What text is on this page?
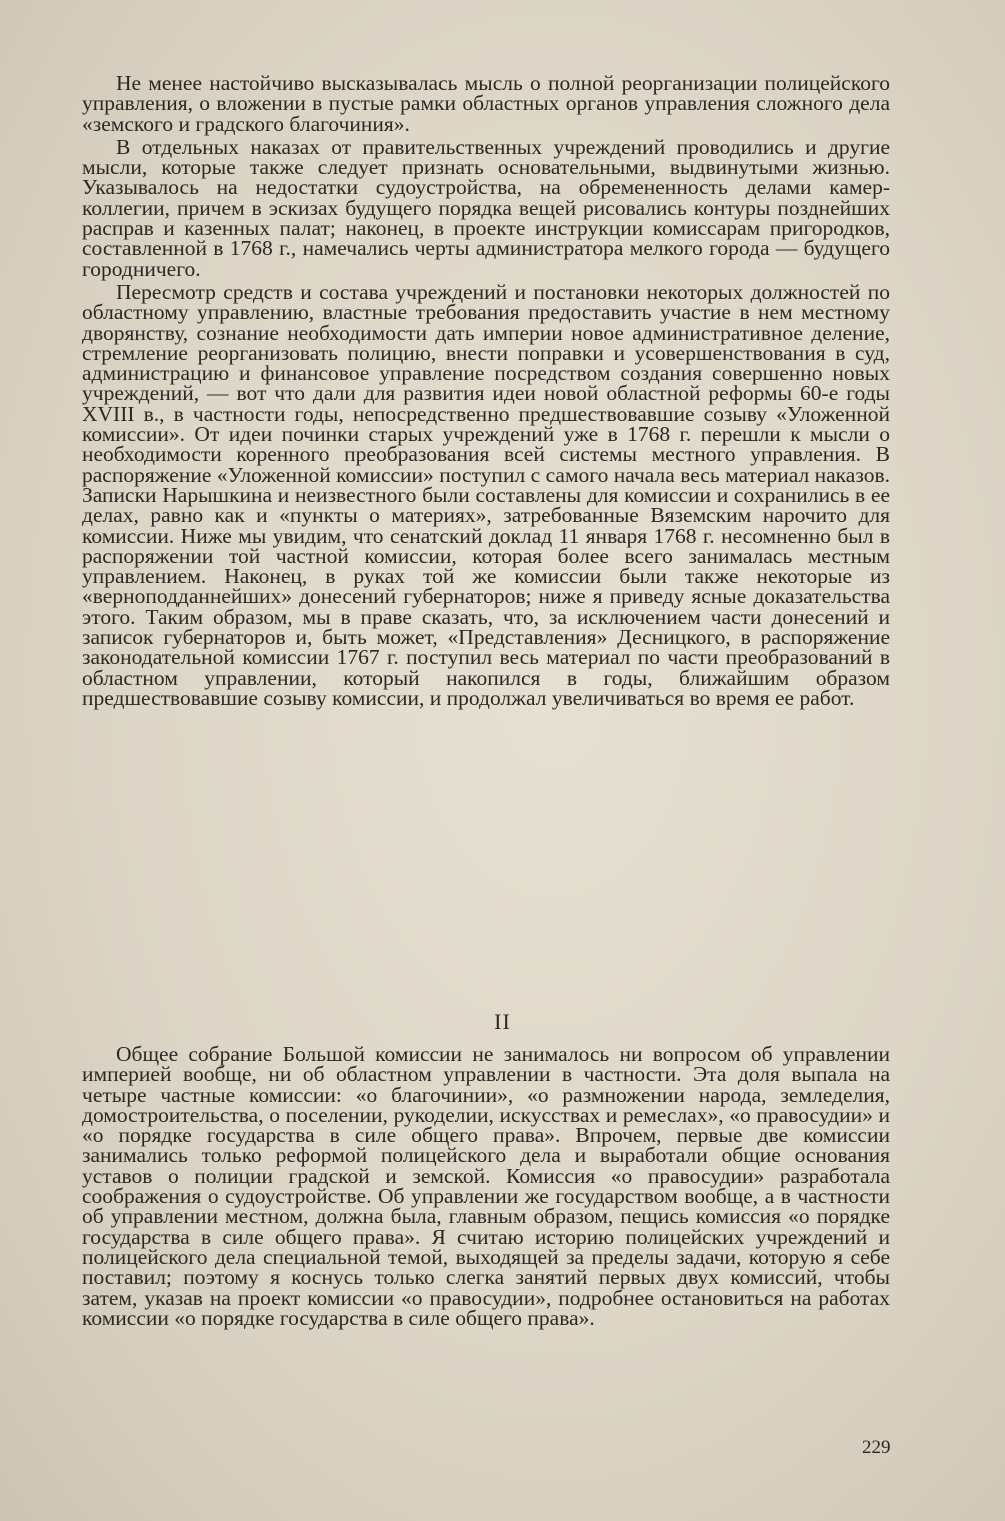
Не менее настойчиво высказывалась мысль о полной реорганизации полицейского управления, о вложении в пустые рамки областных органов управления сложного дела «земского и градского благочиния».

В отдельных наказах от правительственных учреждений проводились и другие мысли, которые также следует признать основательными, выдвинутыми жизнью. Указывалось на недостатки судоустройства, на обремененность делами камер-коллегии, причем в эскизах будущего порядка вещей рисовались контуры позднейших расправ и казенных палат; наконец, в проекте инструкции комиссарам пригородков, составленной в 1768 г., намечались черты администратора мелкого города — будущего городничего.

Пересмотр средств и состава учреждений и постановки некоторых должностей по областному управлению, властные требования предоставить участие в нем местному дворянству, сознание необходимости дать империи новое административное деление, стремление реорганизовать полицию, внести поправки и усовершенствования в суд, администрацию и финансовое управление посредством создания совершенно новых учреждений, — вот что дали для развития идеи новой областной реформы 60-е годы XVIII в., в частности годы, непосредственно предшествовавшие созыву «Уложенной комиссии». От идеи починки старых учреждений уже в 1768 г. перешли к мысли о необходимости коренного преобразования всей системы местного управления. В распоряжение «Уложенной комиссии» поступил с самого начала весь материал наказов. Записки Нарышкина и неизвестного были составлены для комиссии и сохранились в ее делах, равно как и «пункты о материях», затребованные Вяземским нарочито для комиссии. Ниже мы увидим, что сенатский доклад 11 января 1768 г. несомненно был в распоряжении той частной комиссии, которая более всего занималась местным управлением. Наконец, в руках той же комиссии были также некоторые из «верноподданнейших» донесений губернаторов; ниже я приведу ясные доказательства этого. Таким образом, мы в праве сказать, что, за исключением части донесений и записок губернаторов и, быть может, «Представления» Десницкого, в распоряжение законодательной комиссии 1767 г. поступил весь материал по части преобразований в областном управлении, который накопился в годы, ближайшим образом предшествовавшие созыву комиссии, и продолжал увеличиваться во время ее работ.

II

Общее собрание Большой комиссии не занималось ни вопросом об управлении империей вообще, ни об областном управлении в частности. Эта доля выпала на четыре частные комиссии: «о благочинии», «о размножении народа, земледелия, домостроительства, о поселении, рукоделии, искусствах и ремеслах», «о правосудии» и «о порядке государства в силе общего права». Впрочем, первые две комиссии занимались только реформой полицейского дела и выработали общие основания уставов о полиции градской и земской. Комиссия «о правосудии» разработала соображения о судоустройстве. Об управлении же государством вообще, а в частности об управлении местном, должна была, главным образом, пещись комиссия «о порядке государства в силе общего права». Я считаю историю полицейских учреждений и полицейского дела специальной темой, выходящей за пределы задачи, которую я себе поставил; поэтому я коснусь только слегка занятий первых двух комиссий, чтобы затем, указав на проект комиссии «о правосудии», подробнее остановиться на работах комиссии «о порядке государства в силе общего права».

229
